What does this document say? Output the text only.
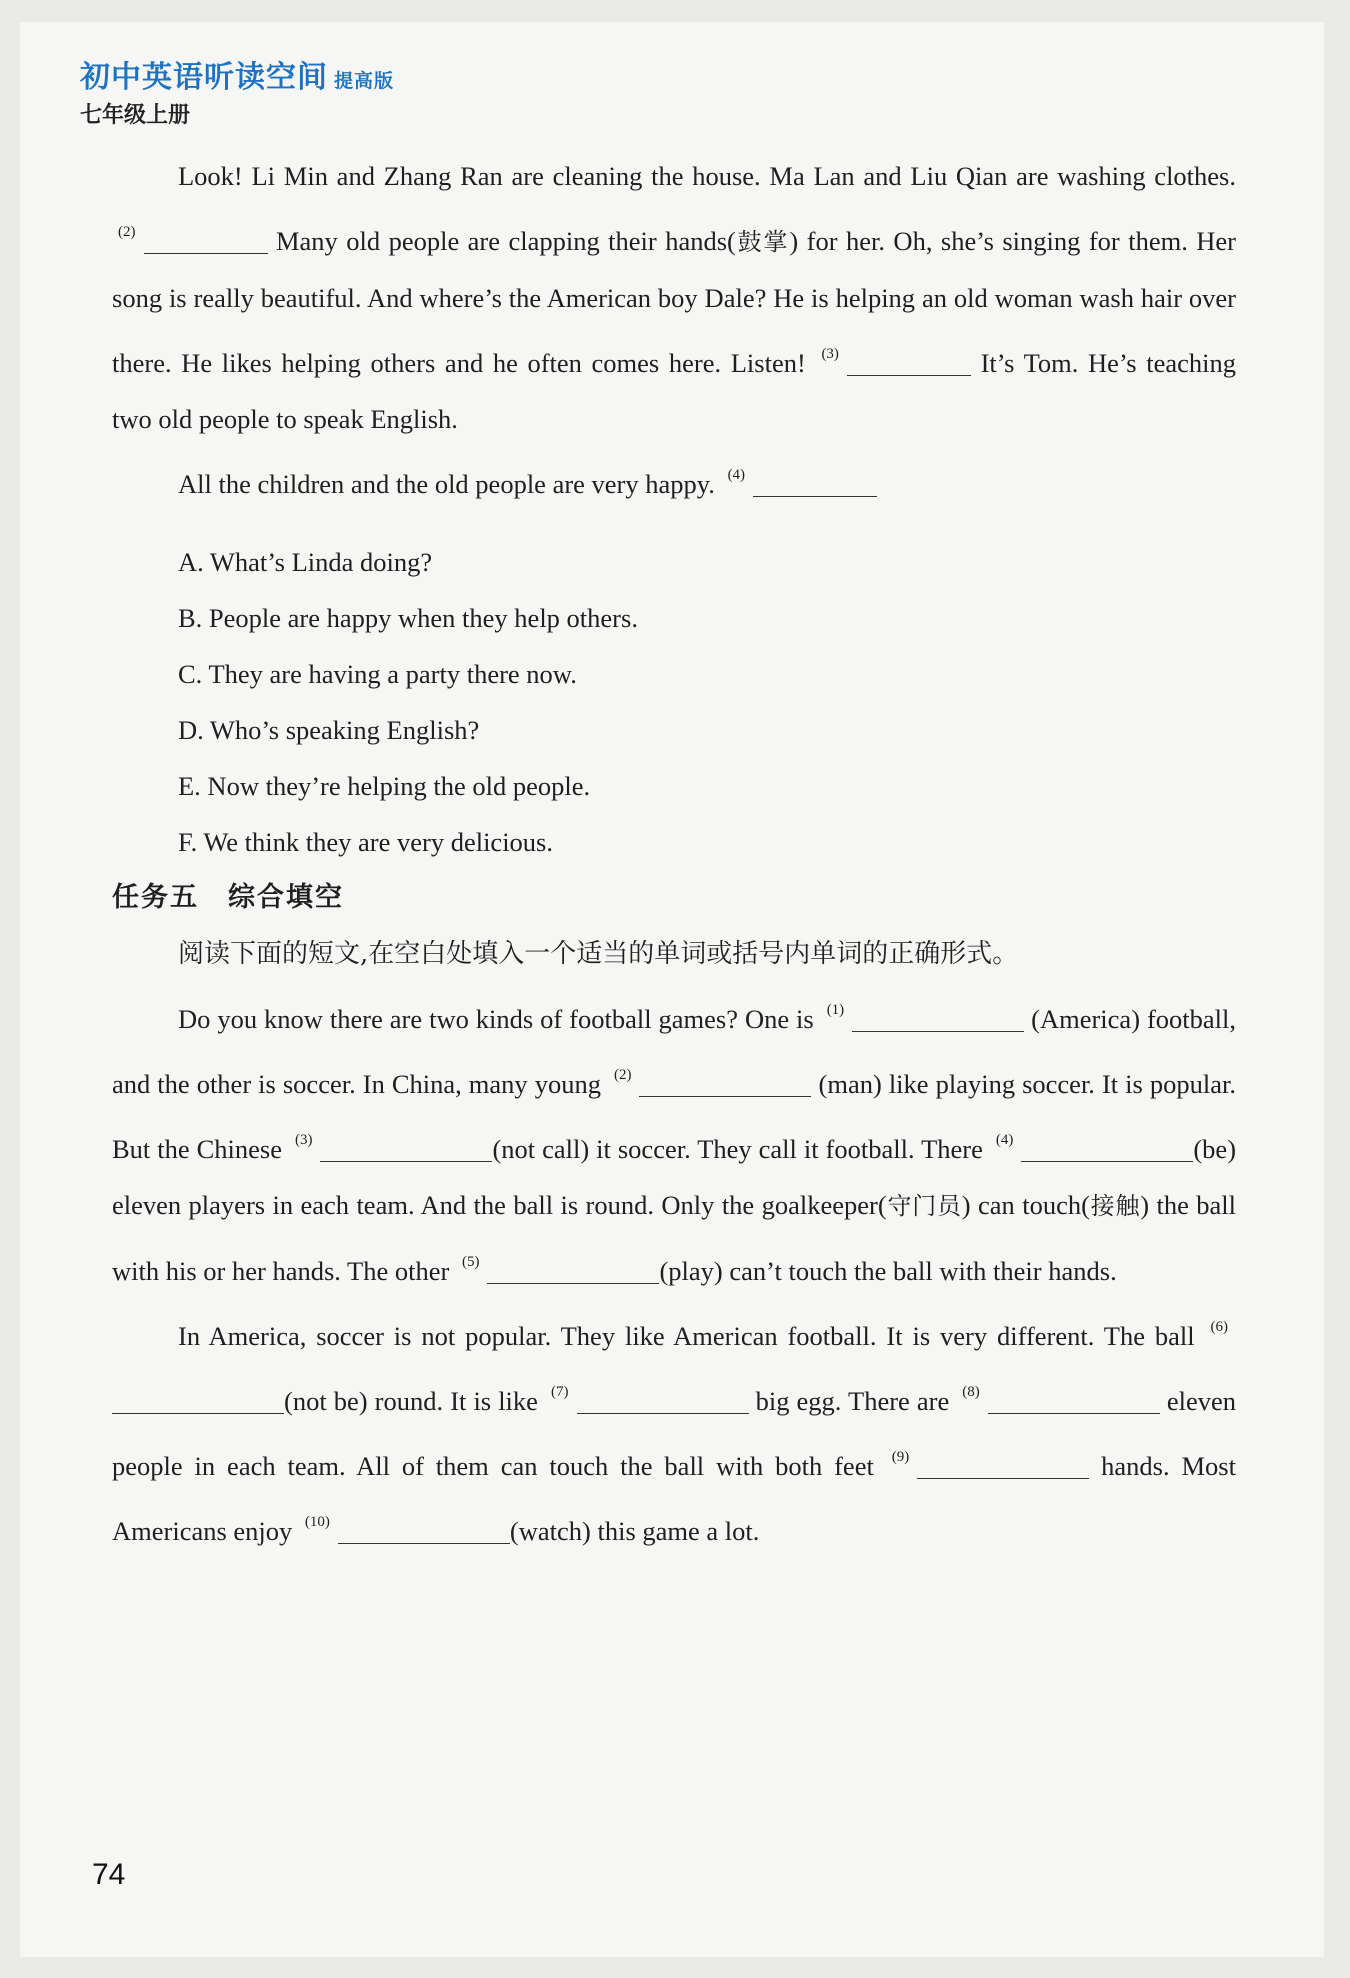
初中英语听读空间 提高版
七年级上册

Look! Li Min and Zhang Ran are cleaning the house. Ma Lan and Liu Qian are washing clothes. $^{(2)}$	Many old people are clapping their hands(鼓掌) for her. Oh, she’s singing for them. Her song is really beautiful. And where’s the American boy Dale? He is helping an old woman wash hair over there. He likes helping others and he often comes here. Listen! $^{(3)}$	It’s Tom. He’s teaching two old people to speak English.

All the children and the old people are very happy. $^{(4)}$

A. What’s Linda doing?

B. People are happy when they help others.

C. They are having a party there now.

D. Who’s speaking English?

E. Now they’re helping the old people.

F. We think they are very delicious.

任务五　综合填空

阅读下面的短文,在空白处填入一个适当的单词或括号内单词的正确形式。

Do you know there are two kinds of football games? One is $^{(1)}$	(America) football, and the other is soccer. In China, many young $^{(2)}$	(man) like playing soccer. It is popular. But the Chinese $^{(3)}$	(not call) it soccer. They call it football. There $^{(4)}$	(be) eleven players in each team. And the ball is round. Only the goalkeeper(守门员) can touch(接触) the ball with his or her hands. The other $^{(5)}$	(play) can’t touch the ball with their hands.

In America, soccer is not popular. They like American football. It is very different. The ball $^{(6)}$(not be) round. It is like $^{(7)}$	big egg. There are $^{(8)}$	eleven people in each team. All of them can touch the ball with both feet $^{(9)}$	hands. Most Americans enjoy $^{(10)}$	(watch) this game a lot.

74
